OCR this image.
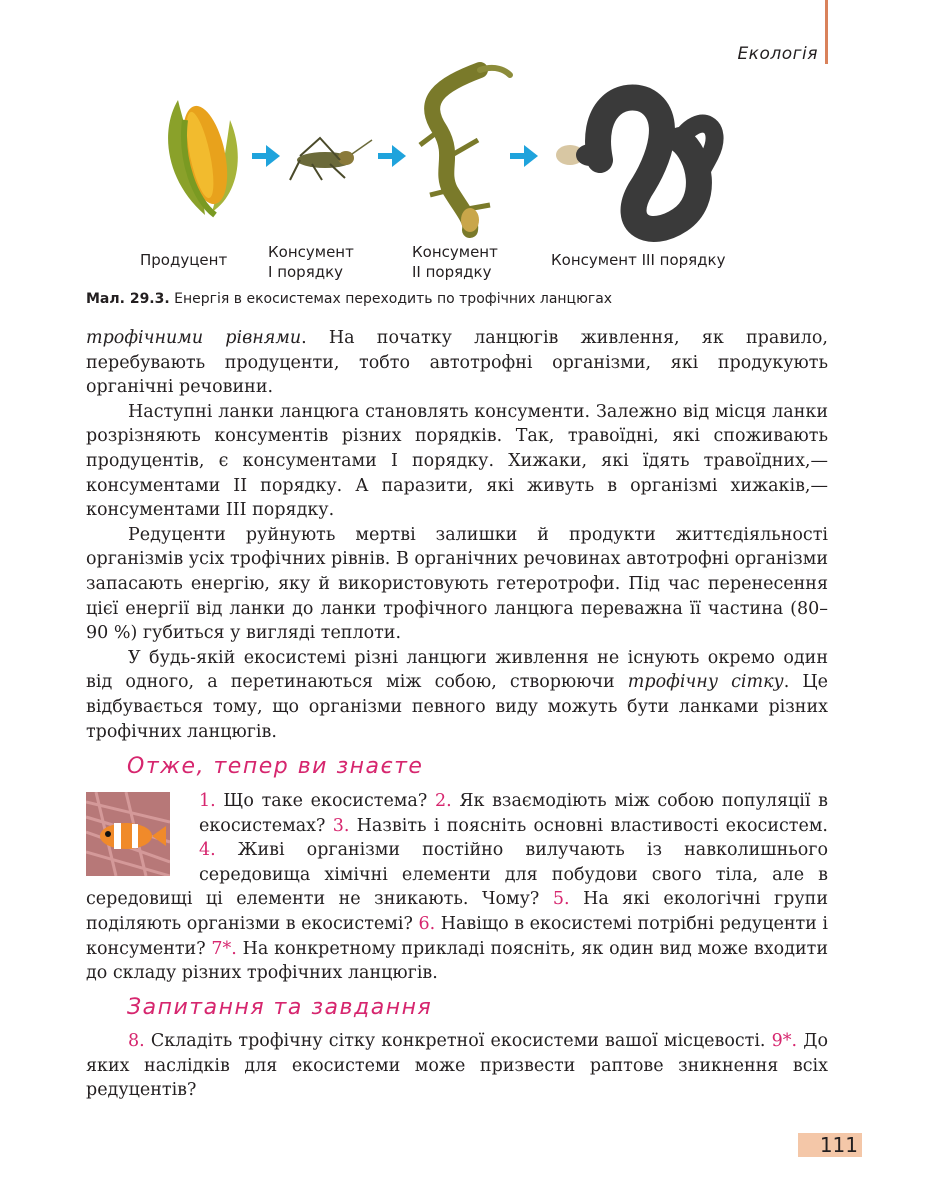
Екологія
Продуцент	Консумент
I порядку
Консумент
II порядку
Консумент III порядку
Мал. 29.3. Енергія в екосистемах переходить по трофічних ланцюгах

трофічними рівнями. На початку ланцюгів живлення, як правило, перебувають продуценти, тобто автотрофні організми, які продукують органічні речовини.

Наступні ланки ланцюга становлять консументи. Залежно від місця ланки розрізняють консументів різних порядків. Так, травоїдні, які споживають продуцентів, є консументами I порядку. Хижаки, які їдять травоїдних,— консументами II порядку. А паразити, які живуть в організмі хижаків,— консументами III порядку.

Редуценти руйнують мертві залишки й продукти життєдіяльності організмів усіх трофічних рівнів. В органічних речовинах автотрофні організми запасають енергію, яку й використовують гетеротрофи. Під час перенесення цієї енергії від ланки до ланки трофічного ланцюга переважна її частина (80–90 %) губиться у вигляді теплоти.

У будь-якій екосистемі різні ланцюги живлення не існують окремо один від одного, а перетинаються між собою, створюючи трофічну сітку. Це відбувається тому, що організми певного виду можуть бути ланками різних трофічних ланцюгів.

Отже, тепер ви знаєте

1. Що таке екосистема? 2. Як взаємодіють між собою популяції в екосистемах? 3. Назвіть і поясніть основні властивості екосистем. 4. Живі організми постійно вилучають із навколишнього середовища хімічні елементи для побудови свого тіла, але в середовищі ці елементи не зникають. Чому? 5. На які екологічні групи поділяють організми в екосистемі? 6. Навіщо в екосистемі потрібні редуценти і консументи? 7*. На конкретному прикладі поясніть, як один вид може входити до складу різних трофічних ланцюгів.

Запитання та завдання

8. Складіть трофічну сітку конкретної екосистеми вашої місцевості. 9*. До яких наслідків для екосистеми може призвести раптове зникнення всіх редуцентів?

111
